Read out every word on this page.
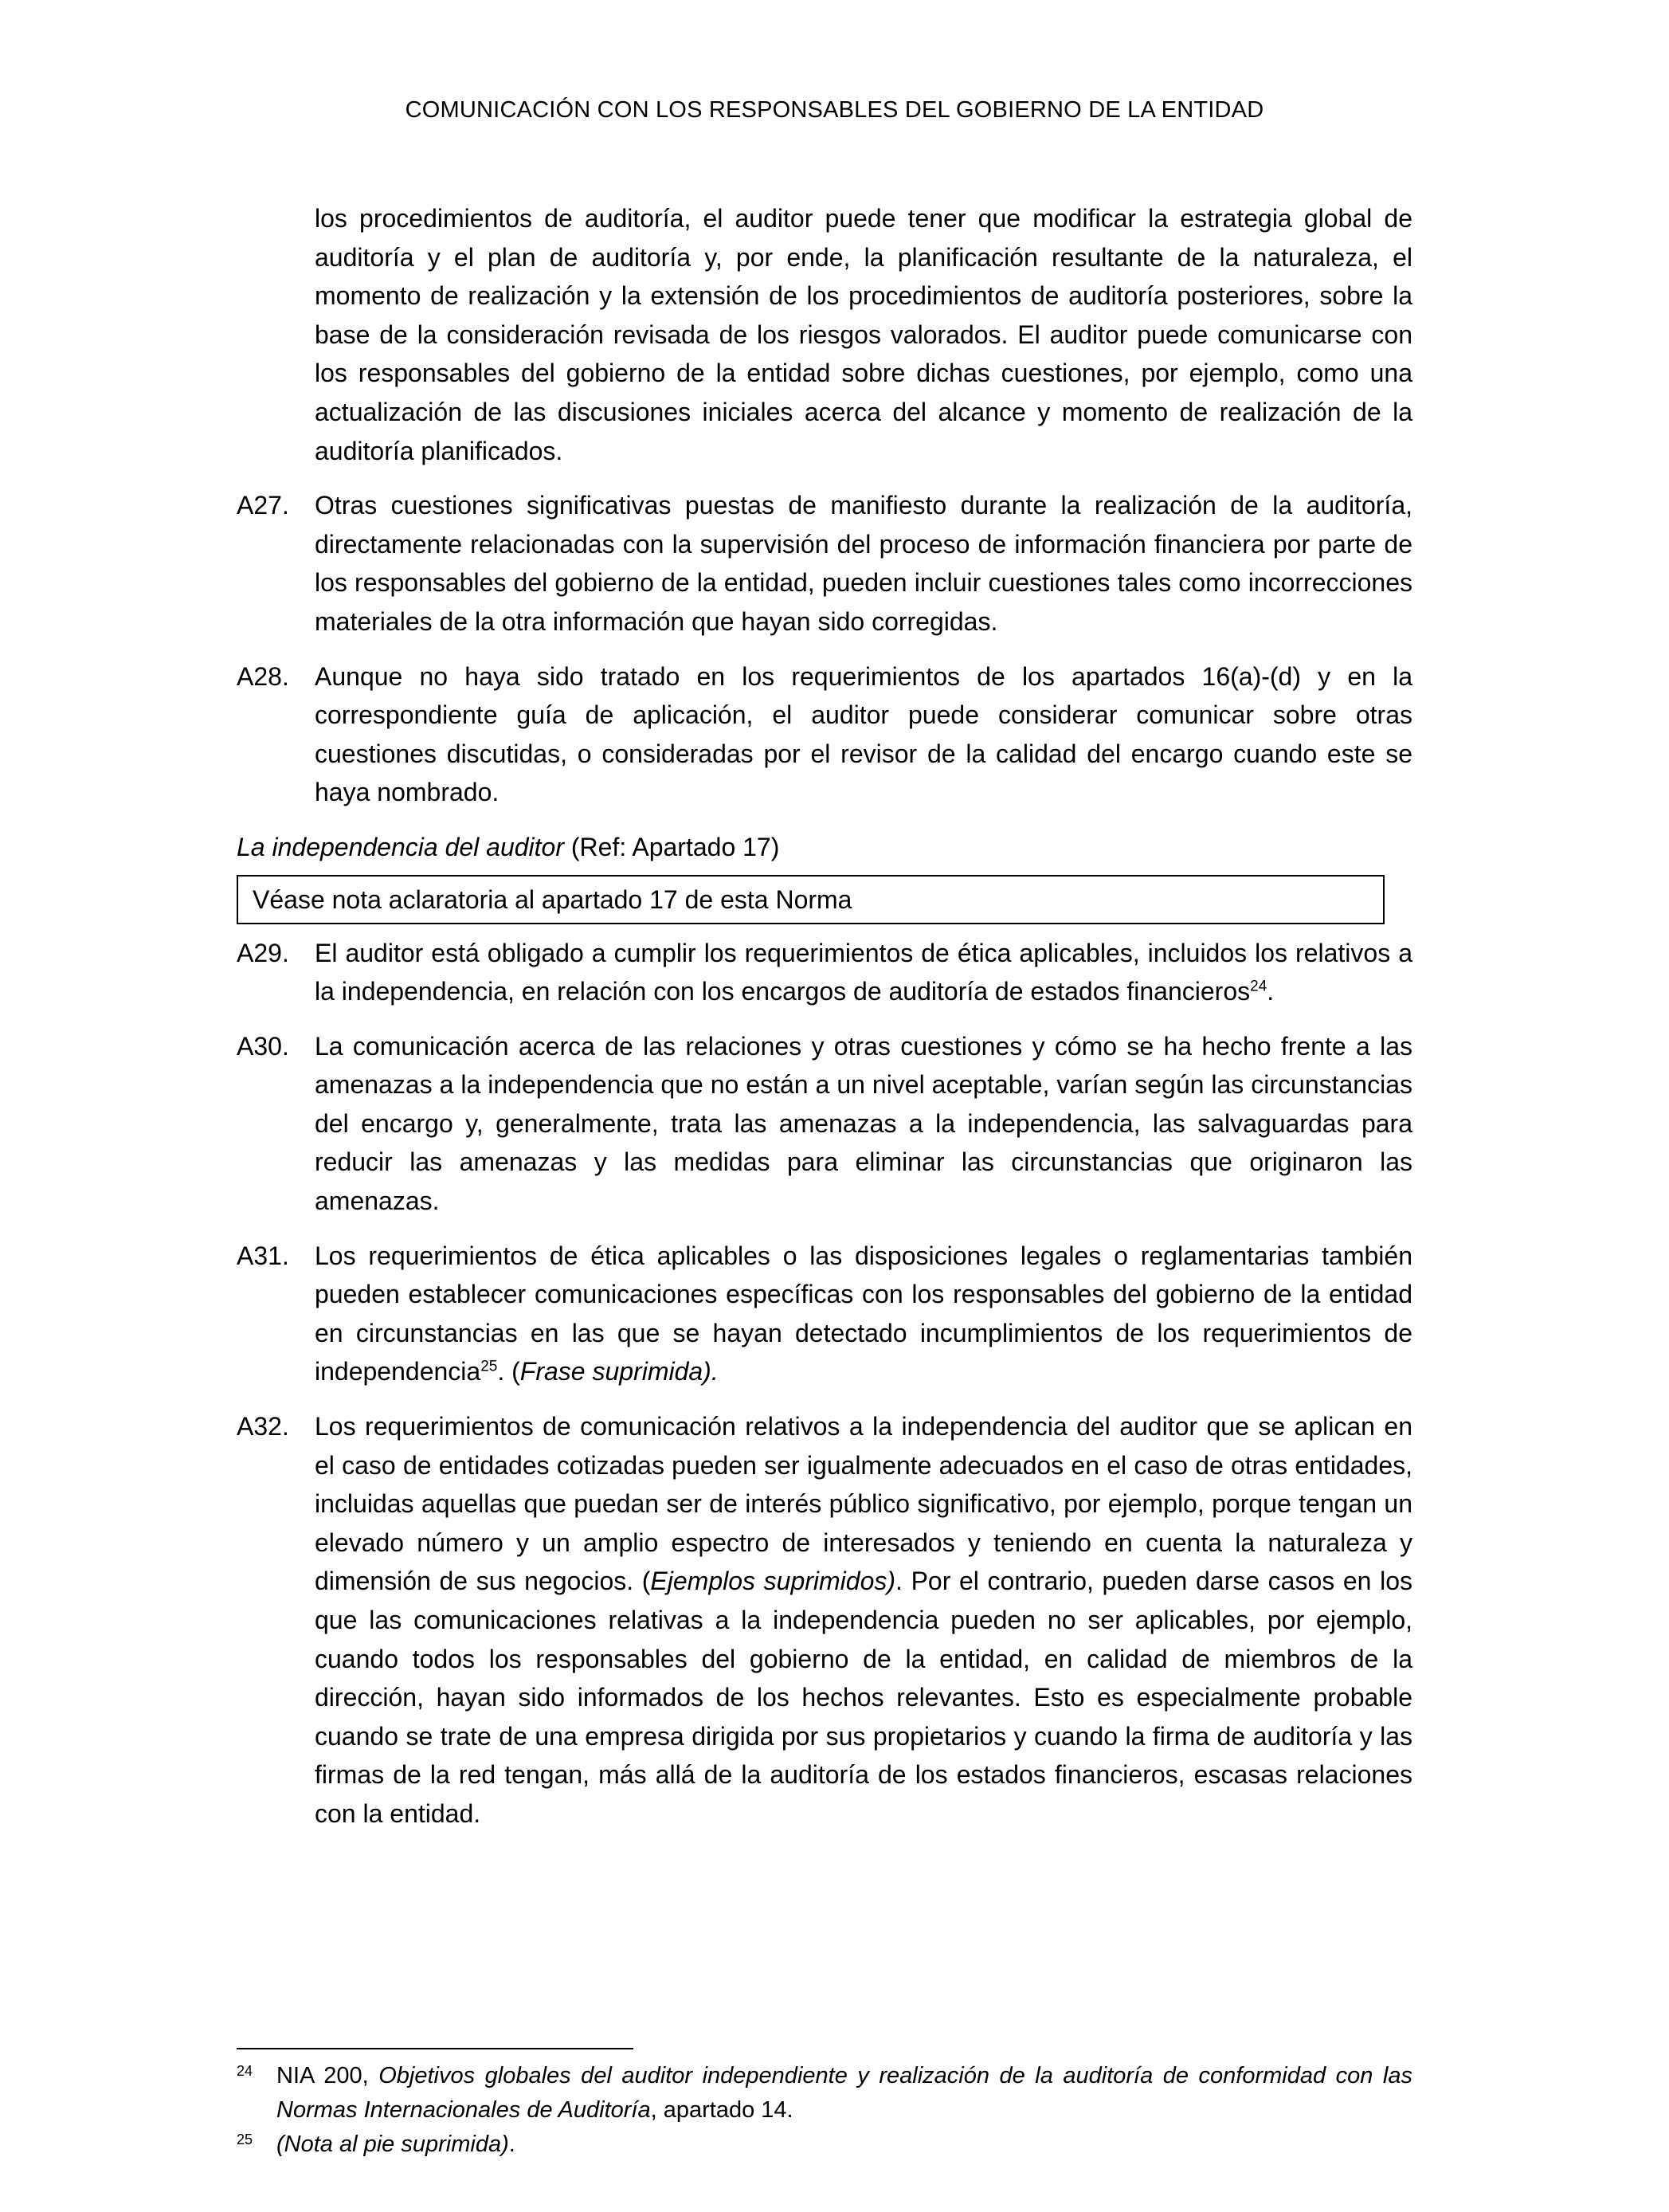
COMUNICACIÓN CON LOS RESPONSABLES DEL GOBIERNO DE LA ENTIDAD
los procedimientos de auditoría, el auditor puede tener que modificar la estrategia global de auditoría y el plan de auditoría y, por ende, la planificación resultante de la naturaleza, el momento de realización y la extensión de los procedimientos de auditoría posteriores, sobre la base de la consideración revisada de los riesgos valorados. El auditor puede comunicarse con los responsables del gobierno de la entidad sobre dichas cuestiones, por ejemplo, como una actualización de las discusiones iniciales acerca del alcance y momento de realización de la auditoría planificados.
A27. Otras cuestiones significativas puestas de manifiesto durante la realización de la auditoría, directamente relacionadas con la supervisión del proceso de información financiera por parte de los responsables del gobierno de la entidad, pueden incluir cuestiones tales como incorrecciones materiales de la otra información que hayan sido corregidas.
A28. Aunque no haya sido tratado en los requerimientos de los apartados 16(a)-(d) y en la correspondiente guía de aplicación, el auditor puede considerar comunicar sobre otras cuestiones discutidas, o consideradas por el revisor de la calidad del encargo cuando este se haya nombrado.
La independencia del auditor (Ref: Apartado 17)
Véase nota aclaratoria al apartado 17 de esta Norma
A29. El auditor está obligado a cumplir los requerimientos de ética aplicables, incluidos los relativos a la independencia, en relación con los encargos de auditoría de estados financieros$^{24}$.
A30. La comunicación acerca de las relaciones y otras cuestiones y cómo se ha hecho frente a las amenazas a la independencia que no están a un nivel aceptable, varían según las circunstancias del encargo y, generalmente, trata las amenazas a la independencia, las salvaguardas para reducir las amenazas y las medidas para eliminar las circunstancias que originaron las amenazas.
A31. Los requerimientos de ética aplicables o las disposiciones legales o reglamentarias también pueden establecer comunicaciones específicas con los responsables del gobierno de la entidad en circunstancias en las que se hayan detectado incumplimientos de los requerimientos de independencia$^{25}$. (Frase suprimida).
A32. Los requerimientos de comunicación relativos a la independencia del auditor que se aplican en el caso de entidades cotizadas pueden ser igualmente adecuados en el caso de otras entidades, incluidas aquellas que puedan ser de interés público significativo, por ejemplo, porque tengan un elevado número y un amplio espectro de interesados y teniendo en cuenta la naturaleza y dimensión de sus negocios. (Ejemplos suprimidos). Por el contrario, pueden darse casos en los que las comunicaciones relativas a la independencia pueden no ser aplicables, por ejemplo, cuando todos los responsables del gobierno de la entidad, en calidad de miembros de la dirección, hayan sido informados de los hechos relevantes. Esto es especialmente probable cuando se trate de una empresa dirigida por sus propietarios y cuando la firma de auditoría y las firmas de la red tengan, más allá de la auditoría de los estados financieros, escasas relaciones con la entidad.
24 NIA 200, Objetivos globales del auditor independiente y realización de la auditoría de conformidad con las Normas Internacionales de Auditoría, apartado 14.
25 (Nota al pie suprimida).
